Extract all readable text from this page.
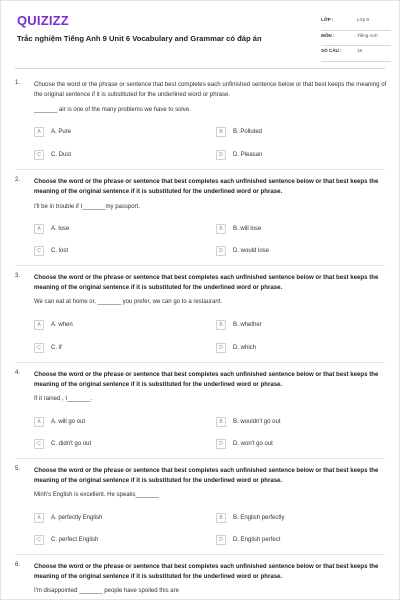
QUIZIZZ
Trắc nghiệm Tiếng Anh 9 Unit 6 Vocabulary and Grammar có đáp án
LỚP :	Lớp 9
MÔN :	Tiếng Anh
SỐ CÂU :	15
1. Choose the word or the phrase or sentence that best completes each unfinished sentence below or that best keeps the meaning of the original sentence if it is substituted for the underlined word or phrase.
_______ air is one of the many problems we have to solve.
A	A. Pure	B	B. Polluted
C	C. Dust	D	D. Pleasan
2. Choose the word or the phrase or sentence that best completes each unfinished sentence below or that best keeps the meaning of the original sentence if it is substituted for the underlined word or phrase.
I'll be in trouble if I_______my passport.
A	A. lose	B	B. will lose
C	C. lost	D	D. would lose
3. Choose the word or the phrase or sentence that best completes each unfinished sentence below or that best keeps the meaning of the original sentence if it is substituted for the underlined word or phrase.
We can eat at home or, _______ you prefer, we can go to a restaurant.
A	A. when	B	B. whether
C	C. if	D	D. which
4. Choose the word or the phrase or sentence that best completes each unfinished sentence below or that best keeps the meaning of the original sentence if it is substituted for the underlined word or phrase.
If it rained , I_______.
A	A. will go out	B	B. wouldn't go out
C	C. didn't go out	D	D. won't go out
5. Choose the word or the phrase or sentence that best completes each unfinished sentence below or that best keeps the meaning of the original sentence if it is substituted for the underlined word or phrase.
Minh's English is excellent. He speaks_______
A	A. perfectly English	B	B. English perfectly
C	C. perfect English	D	D. English perfect
6. Choose the word or the phrase or sentence that best completes each unfinished sentence below or that best keeps the meaning of the original sentence if it is substituted for the underlined word or phrase.
I'm disappointed _______ people have spoiled this are
